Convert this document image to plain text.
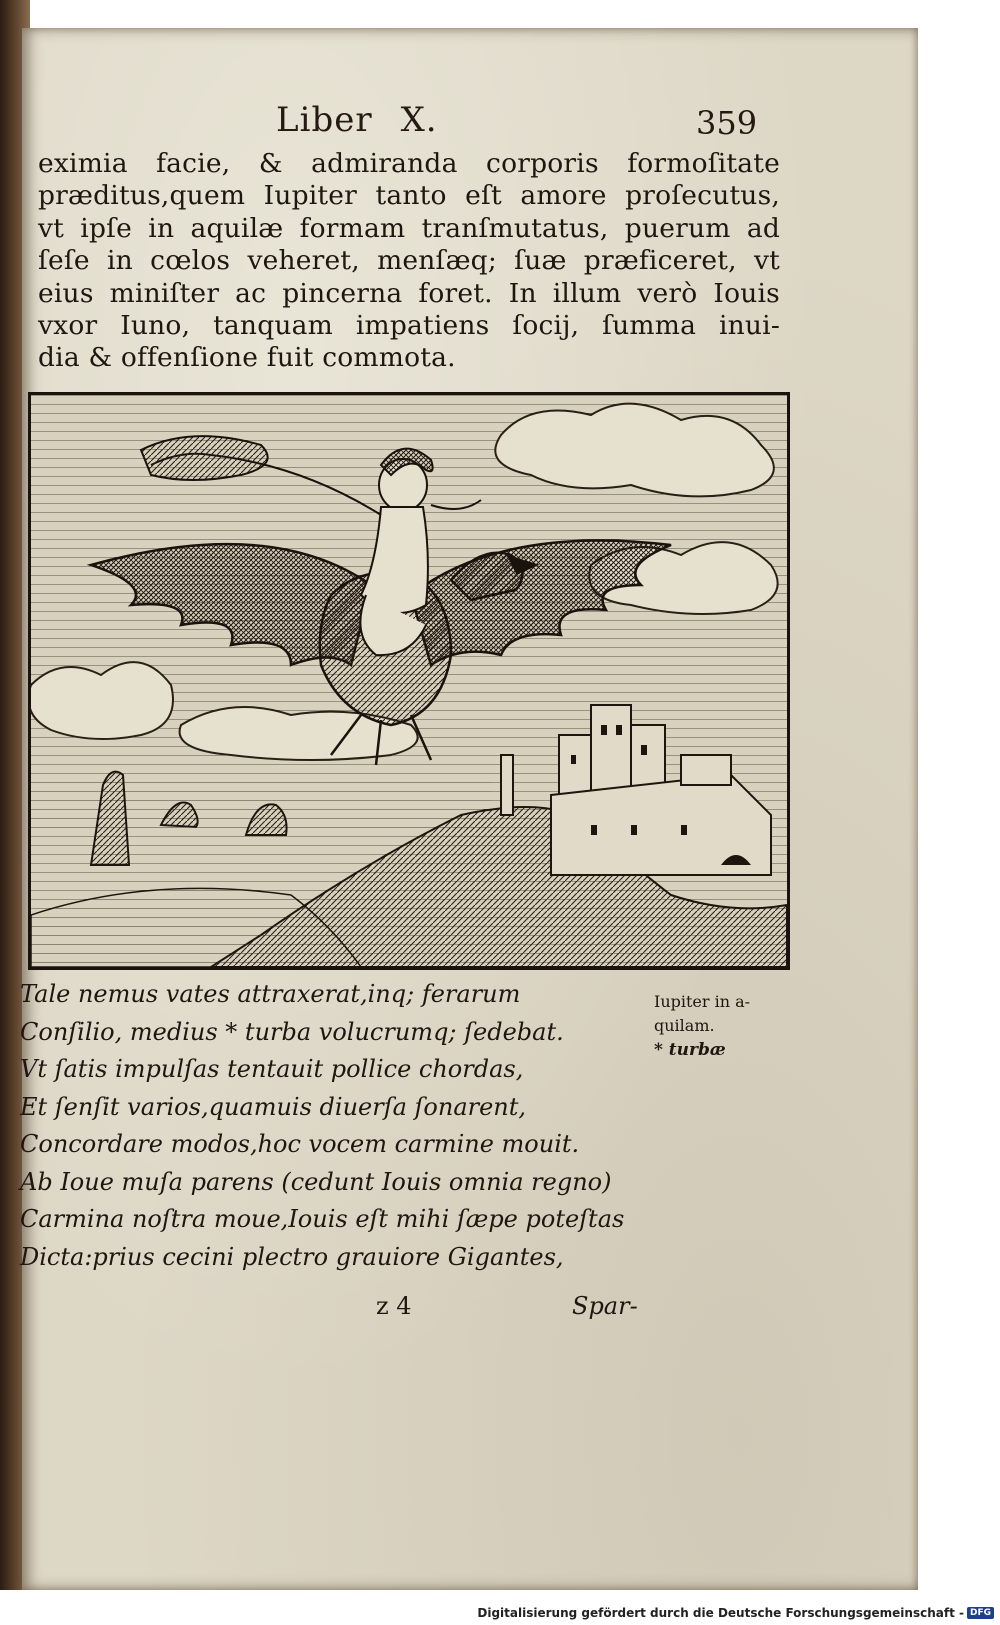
Liber X.	359
eximia facie, & admiranda corporis formoſitate
præditus,quem Iupiter tanto eſt amore proſecutus,
vt ipſe in aquilæ formam tranſmutatus, puerum ad
ſeſe in cœlos veheret, menſæq; ſuæ præficeret, vt
eius miniſter ac pincerna foret. In illum verò Iouis
vxor Iuno, tanquam impatiens ſocij, ſumma inui-
dia & offenſione fuit commota.
Tale nemus vates attraxerat,inq; ferarum
Conſilio, medius * turba volucrumq; ſedebat.
Vt ſatis impulſas tentauit pollice chordas,
Et ſenſit varios,quamuis diuerſa ſonarent,
Concordare modos,hoc vocem carmine mouit.
Ab Ioue muſa parens (cedunt Iouis omnia regno)
Carmina noſtra moue,Iouis eſt mihi ſæpe poteſtas
Dicta:prius cecini plectro grauiore Gigantes,
Iupiter in a-
quilam.
* turbæ
z 4	Spar-
Digitalisierung gefördert durch die Deutsche Forschungsgemeinschaft - DFG
